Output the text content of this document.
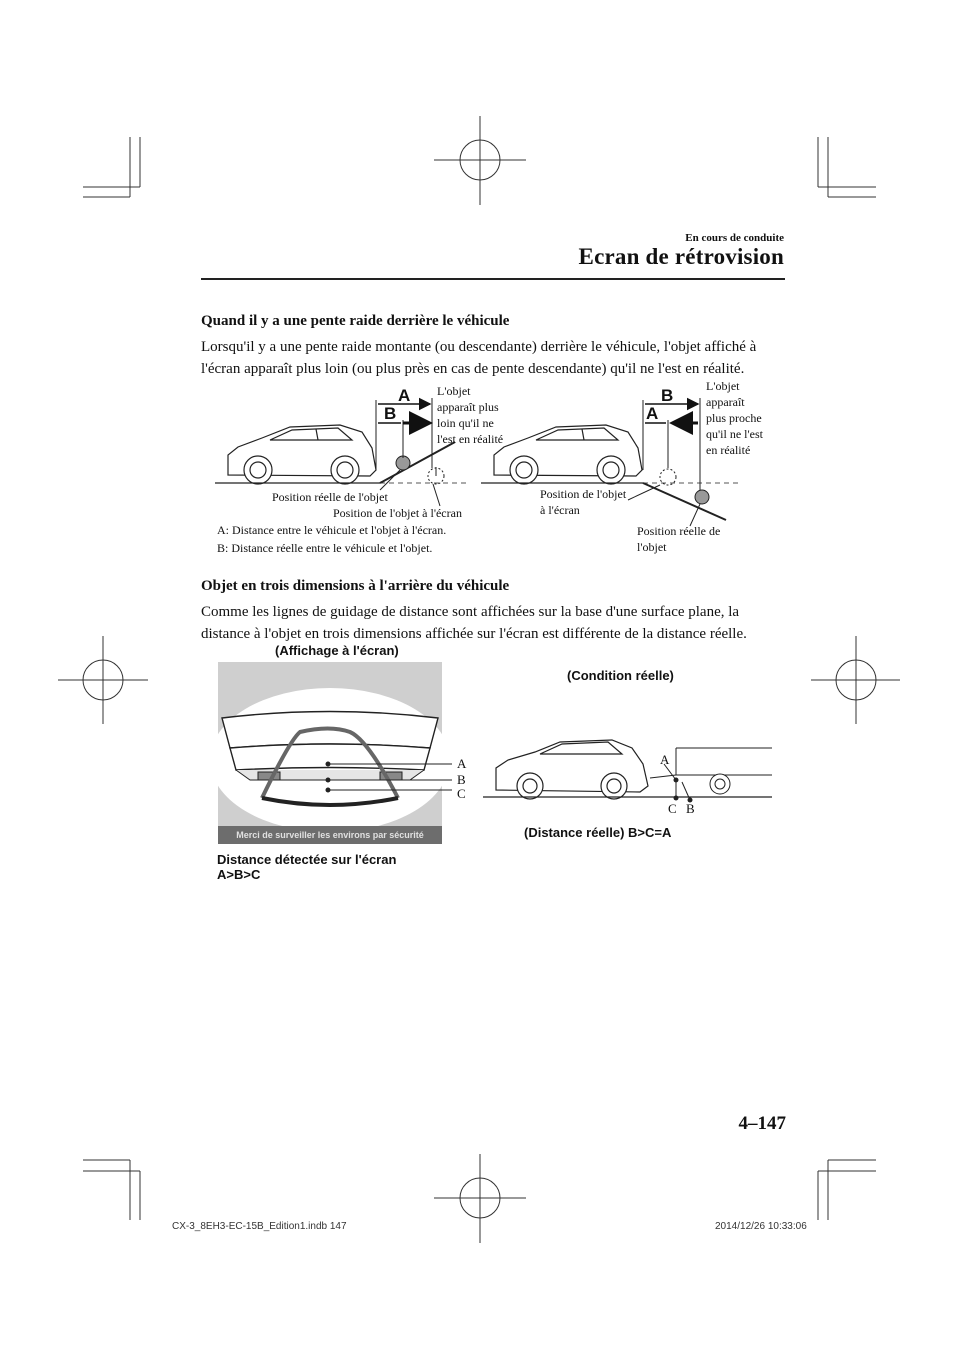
En cours de conduite
Ecran de rétrovision
Quand il y a une pente raide derrière le véhicule
Lorsqu'il y a une pente raide montante (ou descendante) derrière le véhicule, l'objet affiché à
l'écran apparaît plus loin (ou plus près en cas de pente descendante) qu'il ne l'est en réalité.
A
B
L'objet
apparaît plus
loin qu'il ne
l'est en réalité
Position réelle de l'objet
Position de l'objet à l'écran
A: Distance entre le véhicule et l'objet à l'écran.
B: Distance réelle entre le véhicule et l'objet.
B
A
L'objet
apparaît
plus proche
qu'il ne l'est
en réalité
Position de l'objet
à l'écran
Position réelle de
l'objet
Objet en trois dimensions à l'arrière du véhicule
Comme les lignes de guidage de distance sont affichées sur la base d'une surface plane, la
distance à l'objet en trois dimensions affichée sur l'écran est différente de la distance réelle.
(Affichage à l'écran)
Merci de surveiller les environs par sécurité
A
B
C
Distance détectée sur l'écran
A>B>C
(Condition réelle)
A
C B
(Distance réelle) B>C=A
4–147
CX-3_8EH3-EC-15B_Edition1.indb 147	2014/12/26 10:33:06
